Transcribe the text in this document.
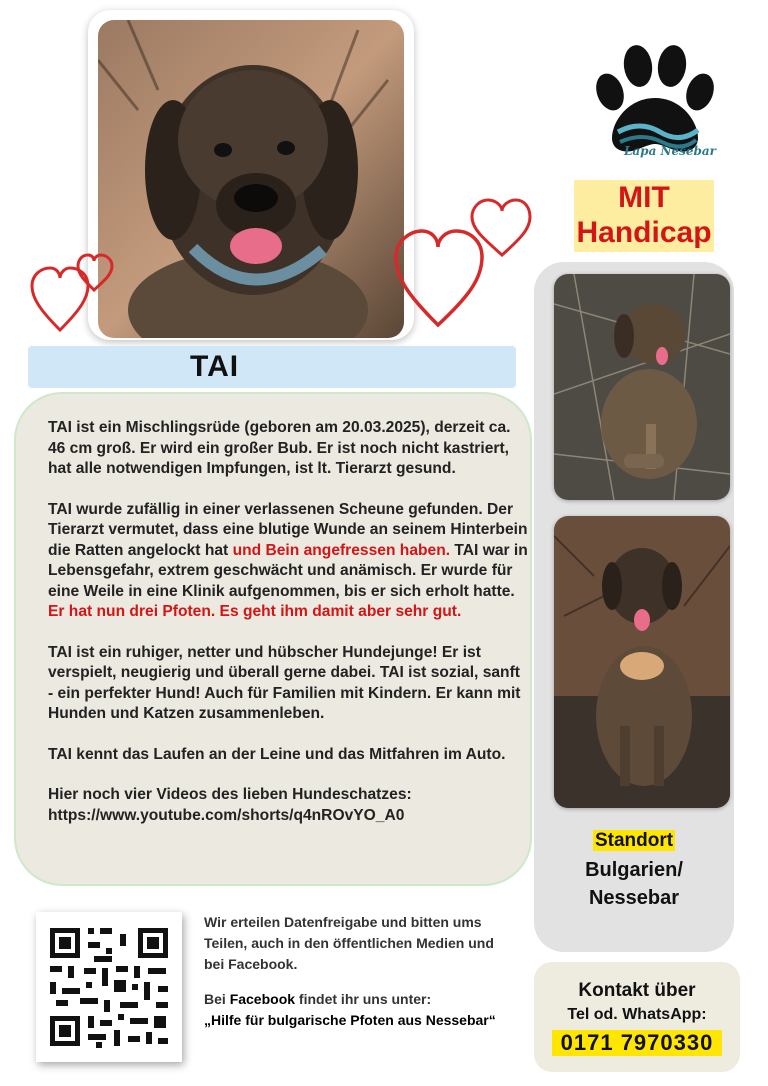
Lapa Nesebar
MIT
Handicap
Standort
Bulgarien/
Nessebar
Kontakt über
Tel od. WhatsApp:
0171 7970330
TAI

TAI ist ein Mischlingsrüde (geboren am 20.03.2025), derzeit ca. 46 cm groß. Er wird ein großer Bub. Er ist noch nicht kastriert, hat alle notwendigen Impfungen, ist lt. Tierarzt gesund.

TAI wurde zufällig in einer verlassenen Scheune gefunden. Der Tierarzt vermutet, dass eine blutige Wunde an seinem Hinterbein die Ratten angelockt hat und Bein angefressen haben. TAI war in Lebensgefahr, extrem geschwächt und anämisch. Er wurde für eine Weile in eine Klinik aufgenommen, bis er sich erholt hatte. Er hat nun drei Pfoten. Es geht ihm damit aber sehr gut.

TAI ist ein ruhiger, netter und hübscher Hundejunge! Er ist verspielt, neugierig und überall gerne dabei. TAI ist sozial, sanft - ein perfekter Hund! Auch für Familien mit Kindern. Er kann mit Hunden und Katzen zusammenleben.

TAI kennt das Laufen an der Leine und das Mitfahren im Auto.

Hier noch vier Videos des lieben Hundeschatzes:
https://www.youtube.com/shorts/q4nROvYO_A0

Wir erteilen Datenfreigabe und bitten ums Teilen, auch in den öffentlichen Medien und bei Facebook.

Bei Facebook findet ihr uns unter:
„Hilfe für bulgarische Pfoten aus Nessebar“
